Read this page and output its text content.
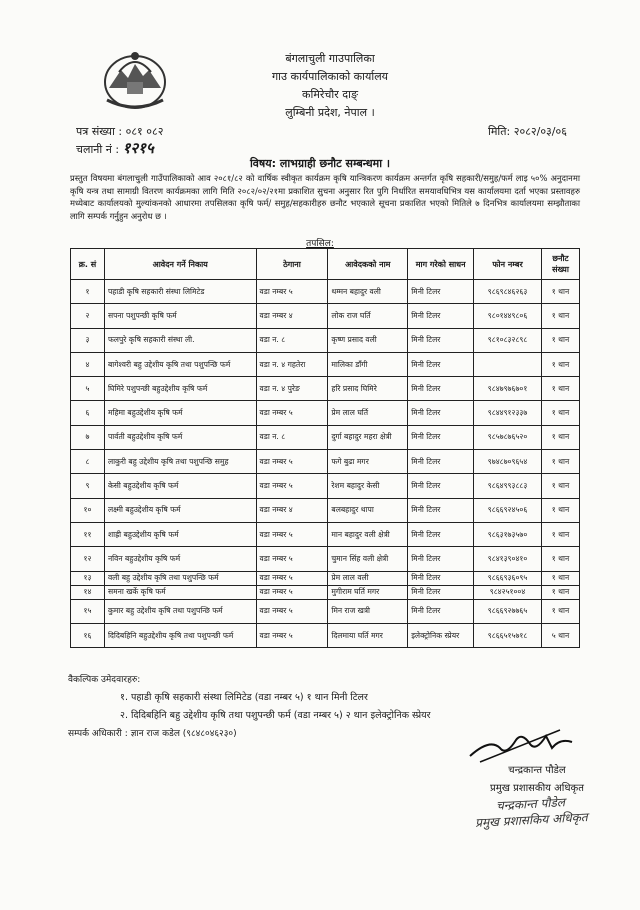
बंगलाचुली गाउपालिका
गाउ कार्यपालिकाको कार्यालय
कमिरेचौर दाङ्
लुम्बिनी प्रदेश, नेपाल ।
पत्र संख्या : ०८१ ०८२
चलानी नं : १२१५
मिति: २०८२/०३/०६
विषय: लाभग्राही छनौट सम्बन्धमा ।
प्रस्तुत विषयमा बंगलाचुली गाउँपालिकाको आव २०८१/८२ को वार्षिक स्वीकृत कार्यक्रम कृषि यान्त्रिकरण कार्यक्रम अन्तर्गत कृषि सहकारी/समुह/फर्म लाइ ५०% अनुदानमा कृषि यन्त्र तथा सामाग्री वितरण कार्यक्रमका लागि मिति २०८२/०२/२१मा प्रकाशित सुचना अनुसार रित पुगि निर्धारित समयावधिभित्र यस कार्यालयमा दर्ता भएका प्रस्तावहरु मध्येबाट कार्यालयको मुल्यांकनको आधारमा तपसिलका कृषि फर्म/ समुह/सहकारीहरु छनौट भएकाले सूचना प्रकाशित भएको मितिले ७ दिनभित्र कार्यालयमा सम्झौताका लागि सम्पर्क गर्नुहुन अनुरोध छ ।
तपसिल:
क्र. सं	आवेदन गर्ने निकाय	ठेगाना	आवेदकको नाम	माग गरेको साधन	फोन नम्बर	छनौट संख्या
१	पहाडी कृषि सहकारी संस्था लिमिटेड	वडा नम्बर ५	थम्मन बहादुर वली	मिनी टिलर	९८६९८४६२६३	१ थान
२	सपना पशुपन्छी कृषि फर्म	वडा नम्बर ४	लोक राज घर्ति	मिनी टिलर	९८०१४४९८०६	१ थान
३	फलपुरे कृषि सहकारी संस्था ली.	वडा न. ८	कृष्ण प्रसाद वली	मिनी टिलर	९८१०८३२८९८	१ थान
४	बागेश्वरी बहु उद्देशीय कृषि तथा पशुपन्छि फर्म	वडा न. ४ गहतेरा	मालिका डाँगी	मिनी टिलर		१ थान
५	घिमिरे पशुपन्छी बहुउद्देशीय कृषि फर्म	वडा न. ४ पुरेङ	हरि प्रसाद घिमिरे	मिनी टिलर	९८४७९७६७०१	१ थान
६	महिमा बहुउद्देशीय कृषि फर्म	वडा नम्बर ५	प्रेम लाल घर्ति	मिनी टिलर	९८४४९१२३३७	१ थान
७	पार्वती बहुउद्देशीय कृषि फर्म	वडा न. ८	दुर्गा बहादुर महरा क्षेत्री	मिनी टिलर	९८५७८७६५२०	१ थान
८	लाकुरी बहु उद्देशीय कृषि तथा पशुपन्छि समुह	वडा नम्बर ५	फगे बुढा मगर	मिनी टिलर	९७४८७०९६५४	१ थान
९	केसी बहुउद्देशीय कृषि फर्म	वडा नम्बर ५	रेशम बहादुर केसी	मिनी टिलर	९८६४९९३८८३	१ थान
१०	लक्ष्मी बहुउद्देशीय कृषि फर्म	वडा नम्बर ४	बलबहादुर थापा	मिनी टिलर	९८६६९२४५०६	१ थान
११	शाह्री बहुउद्देशीय कृषि फर्म	वडा नम्बर ५	मान बहादुर वली क्षेत्री	मिनी टिलर	९८६३१७३५७०	१ थान
१२	नविन बहुउद्देशीय कृषि फर्म	वडा नम्बर ५	चुमान सिंह वली क्षेत्री	मिनी टिलर	९८४१३९०४१०	१ थान
१३	वली बहु उद्देशीय कृषि तथा पशुपन्छि फर्म	वडा नम्बर ५	प्रेम लाल वली	मिनी टिलर	९८६६९३६०९५	१ थान
१४	समना खर्के कृषि फर्म	वडा नम्बर ५	मुगीराम घर्ति मगर	मिनी टिलर	९८४२५१००४	१ थान
१५	कुमार बहु उद्देशीय कृषि तथा पशुपन्छि फर्म	वडा नम्बर ५	मिन राज खत्री	मिनी टिलर	९८६६९२७७६५	१ थान
१६	दिदिबहिनि बहुउद्देशीय कृषि तथा पशुपन्छी फर्म	वडा नम्बर ५	दिलमाया घर्ति मगर	इलेक्ट्रोनिक स्प्रेयर	९८६६५१५७१८	५ थान
वैकल्पिक उमेदवारहरु:
१. पहाडी कृषि सहकारी संस्था लिमिटेड (वडा नम्बर ५) १ थान मिनी टिलर
२. दिदिबहिनि बहु उद्देशीय कृषि तथा पशुपन्छी फर्म (वडा नम्बर ५) २ थान इलेक्ट्रोनिक स्प्रेयर
सम्पर्क अधिकारी : ज्ञान राज कडेल (९८४८०४६२३०)
चन्द्रकान्त पौडेल
प्रमुख प्रशासकीय अधिकृत
चन्द्रकान्त पौडेल
प्रमुख प्रशासकिय अधिकृत
